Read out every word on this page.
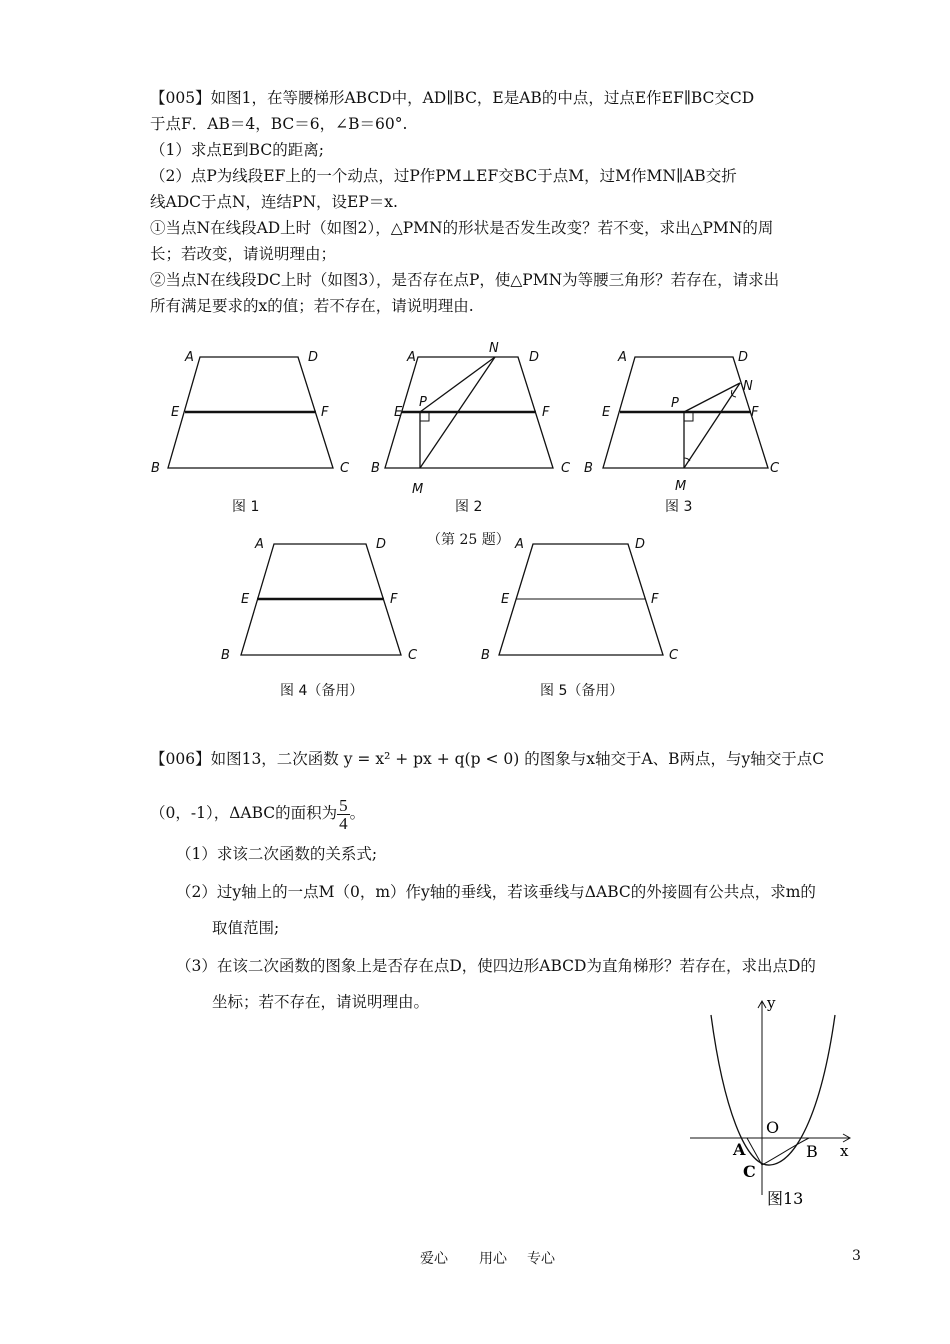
【005】如图1，在等腰梯形ABCD中，AD∥BC，E是AB的中点，过点E作EF∥BC交CD
于点F．AB＝4，BC＝6，∠B＝60°.
（1）求点E到BC的距离;
（2）点P为线段EF上的一个动点，过P作PM⊥EF交BC于点M，过M作MN∥AB交折
线ADC于点N，连结PN，设EP＝x.
①当点N在线段AD上时（如图2），△PMN的形状是否发生改变？若不变，求出△PMN的周
长；若改变，请说明理由；
②当点N在线段DC上时（如图3），是否存在点P，使△PMN为等腰三角形？若存在，请求出
所有满足要求的x的值；若不存在，请说明理由.
A	D
E	F
B	C
图 1
A	D
N
E
P
F
B	C
M
图 2
A	D
N
E
P
F
B	C
M
图 3
（第 25 题）
A	D
E	F
B	C
图 4（备用）
A	D
E	F
B	C
图 5（备用）
【006】如图13，二次函数 y = x² + px + q(p < 0) 的图象与x轴交于A、B两点，与y轴交于点C
（0，-1），ΔABC的面积为 $\frac{5}{4}$ 。
（1）求该二次函数的关系式;
（2）过y轴上的一点M（0，m）作y轴的垂线，若该垂线与ΔABC的外接圆有公共点，求m的
取值范围;
（3）在该二次函数的图象上是否存在点D，使四边形ABCD为直角梯形？若存在，求出点D的
坐标；若不存在，请说明理由。	y
x
O
A	B
C
图13
爱心 用心 专心	3
